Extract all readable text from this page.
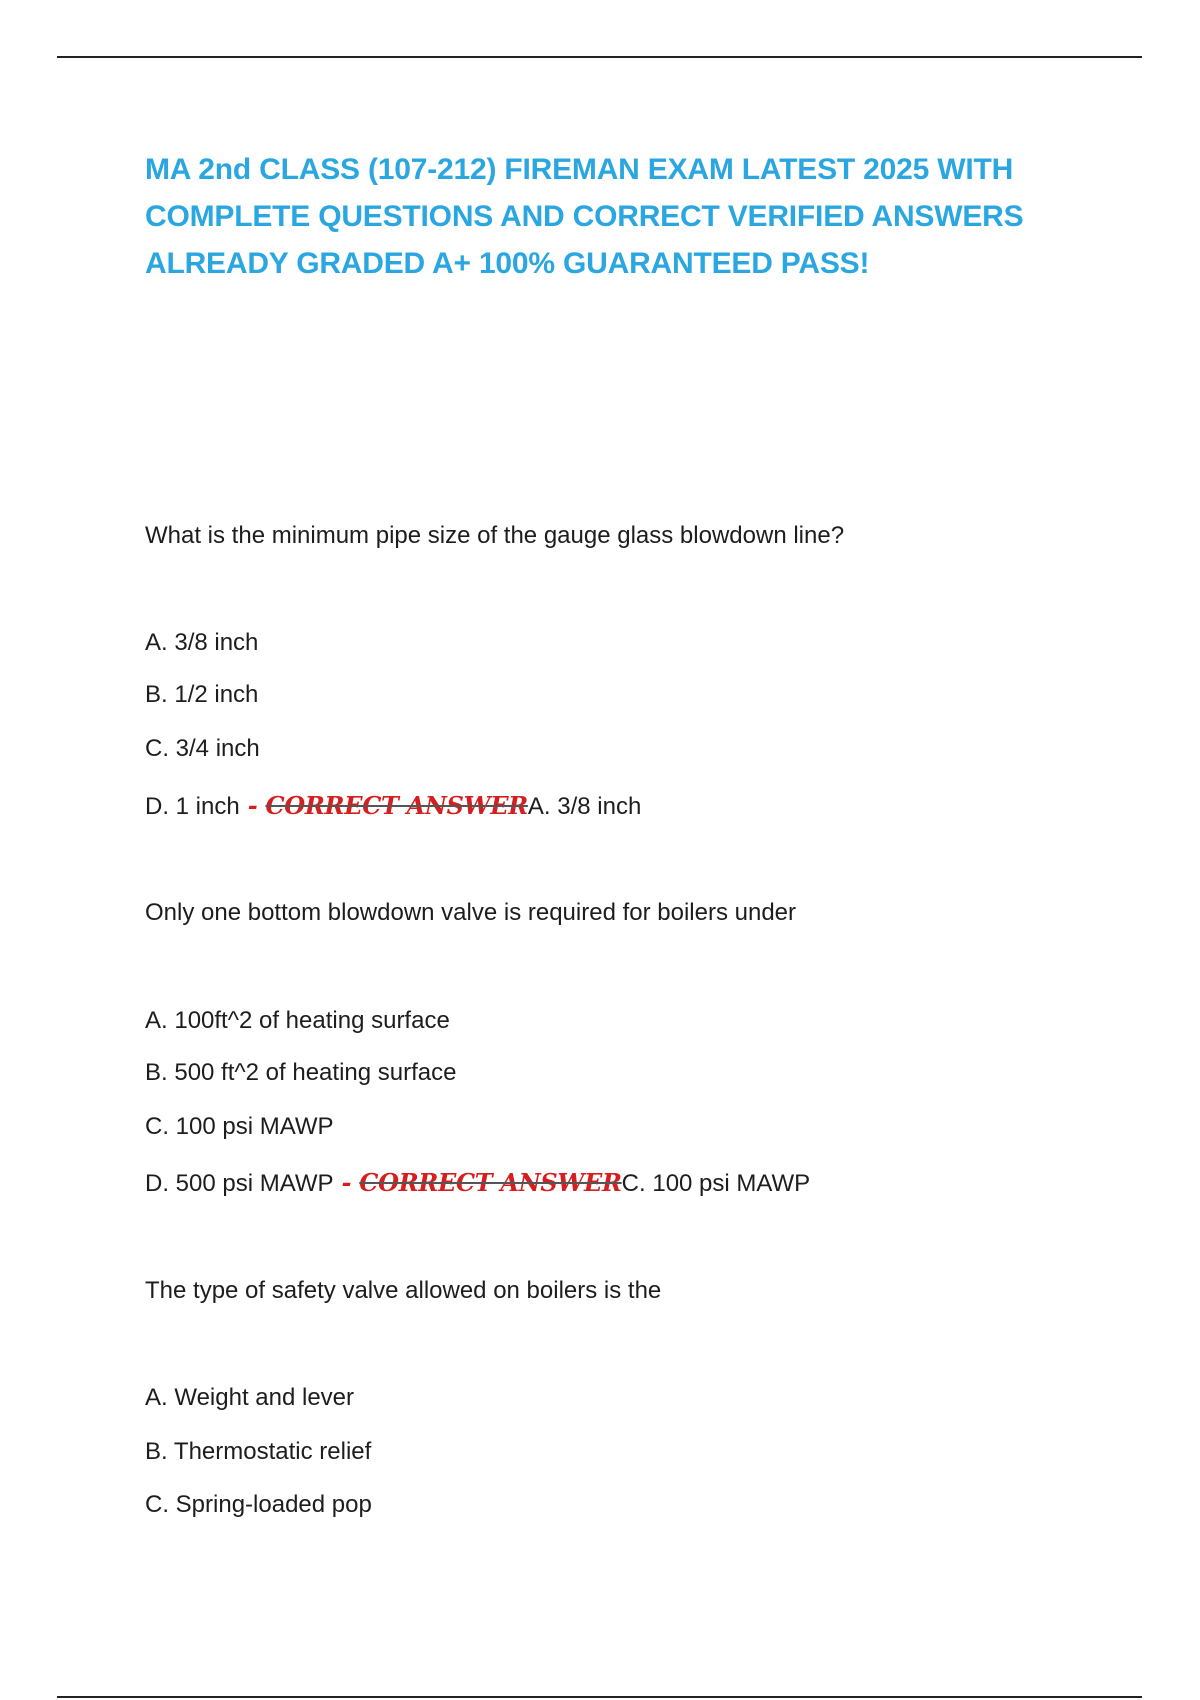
MA 2nd CLASS (107-212) FIREMAN EXAM LATEST 2025 WITH COMPLETE QUESTIONS AND CORRECT VERIFIED ANSWERS ALREADY GRADED A+ 100% GUARANTEED PASS!
What is the minimum pipe size of the gauge glass blowdown line?
A. 3/8 inch
B. 1/2 inch
C. 3/4 inch
D. 1 inch - CORRECT ANSWERA. 3/8 inch
Only one bottom blowdown valve is required for boilers under
A. 100ft^2 of heating surface
B. 500 ft^2 of heating surface
C. 100 psi MAWP
D. 500 psi MAWP - CORRECT ANSWERC. 100 psi MAWP
The type of safety valve allowed on boilers is the
A. Weight and lever
B. Thermostatic relief
C. Spring-loaded pop
